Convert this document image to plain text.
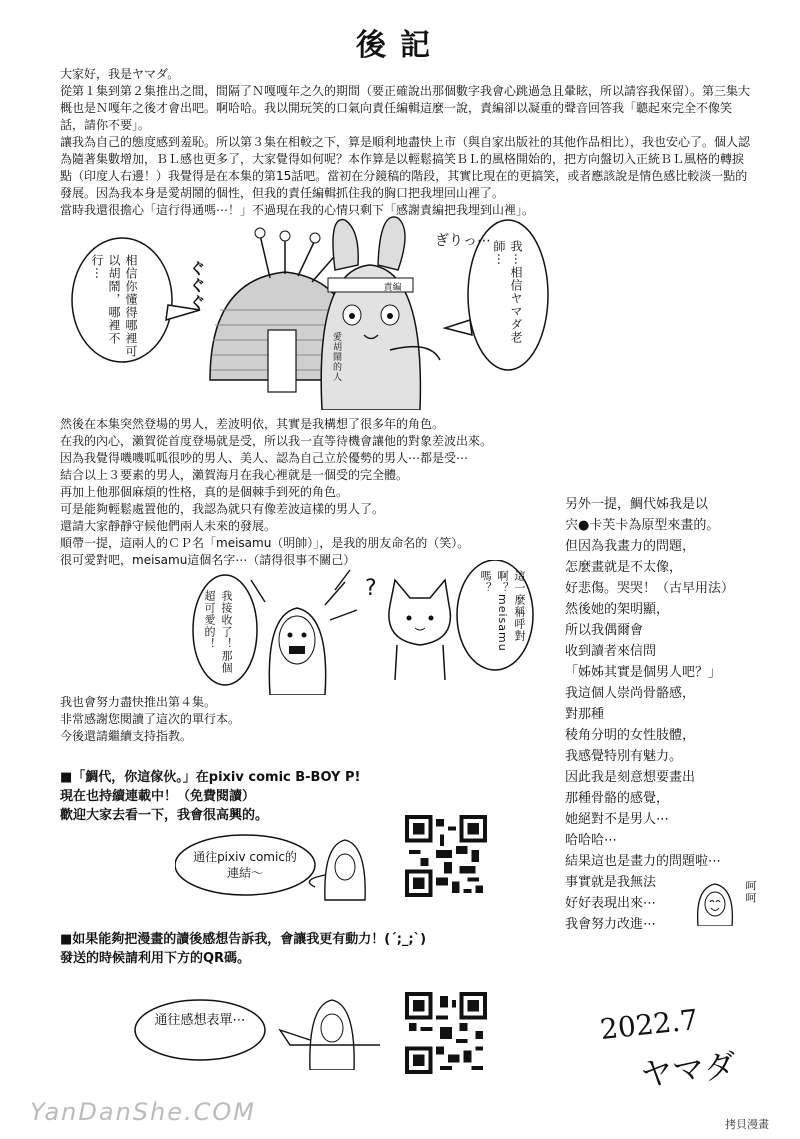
後記

大家好，我是ヤマダ。

從第１集到第２集推出之間，間隔了Ｎ嘎嘎年之久的期間（要正確說出那個數字我會心跳過急且暈眩，所以請容我保留）。第三集大概也是Ｎ嘎年之後才會出吧。啊哈哈。我以開玩笑的口氣向責任編輯這麼一說，責編卻以凝重的聲音回答我「聽起來完全不像笑話，請你不要」。

讓我為自己的態度感到羞恥。所以第３集在相較之下，算是順利地盡快上市（與自家出版社的其他作品相比），我也安心了。個人認為隨著集數增加，ＢＬ感也更多了，大家覺得如何呢？本作算是以輕鬆搞笑ＢＬ的風格開始的，把方向盤切入正統ＢＬ風格的轉捩點（印度人右邊！）我覺得是在本集的第15話吧。當初在分鏡稿的階段，其實比現在的更搞笑，或者應該說是情色感比較淡一點的發展。因為我本身是愛胡鬧的個性，但我的責任編輯抓住我的胸口把我埋回山裡了。

當時我還很擔心「這行得通嗎⋯！」不過現在我的心情只剩下「感謝責編把我埋到山裡」。

相信你懂得哪裡可以胡鬧，哪裡不行⋯
責編
愛胡鬧的人
ぐぐぐ
ぎりっ⋯	我⋯相信ヤマダ老師⋯

然後在本集突然登場的男人，差波明依，其實是我構想了很多年的角色。

在我的內心，瀨賀從首度登場就是受，所以我一直等待機會讓他的對象差波出來。

因為我覺得嘰嘰呱呱很吵的男人、美人、認為自己立於優勢的男人⋯都是受⋯

結合以上３要素的男人，瀨賀海月在我心裡就是一個受的完全體。

再加上他那個麻煩的性格，真的是個棘手到死的角色。

可是能夠輕鬆處置他的，我認為就只有像差波這樣的男人了。

還請大家靜靜守候他們兩人未來的發展。

順帶一提，這兩人的ＣＰ名「meisamu（明帥）」，是我的朋友命名的（笑）。

很可愛對吧，meisamu這個名字⋯（請得很事不關己）

我接收了！那個超可愛的！
?	這一麼稱呼對啊？meisamu嗎？

另外一提，鯛代姊我是以

宍●卡芙卡為原型來畫的。

但因為我畫力的問題，

怎麼畫就是不太像，

好悲傷。哭哭！（古早用法）

然後她的架明顯，

所以我偶爾會

收到讀者來信問

「姊姊其實是個男人吧？」

我這個人崇尚骨骼感，

對那種

稜角分明的女性肢體，

我感覺特別有魅力。

因此我是刻意想要畫出

那種骨骼的感覺，

她絕對不是男人⋯

哈哈哈⋯

結果這也是畫力的問題啦⋯

事實就是我無法

好好表現出來⋯

我會努力改進⋯

呵呵

我也會努力盡快推出第４集。

非常感謝您閱讀了這次的單行本。

今後還請繼續支持指教。

■「鯛代，你這傢伙。」在pixiv comic B-BOY P!

現在也持續連載中！（免費閱讀）

歡迎大家去看一下，我會很高興的。

通往pixiv comic的連結～

■如果能夠把漫畫的讀後感想告訴我，會讓我更有動力！(´;_;`)

發送的時候請利用下方的QR碼。

通往感想表單⋯	2022.7
ヤマダ
YanDanShe.COM	拷貝漫畫
